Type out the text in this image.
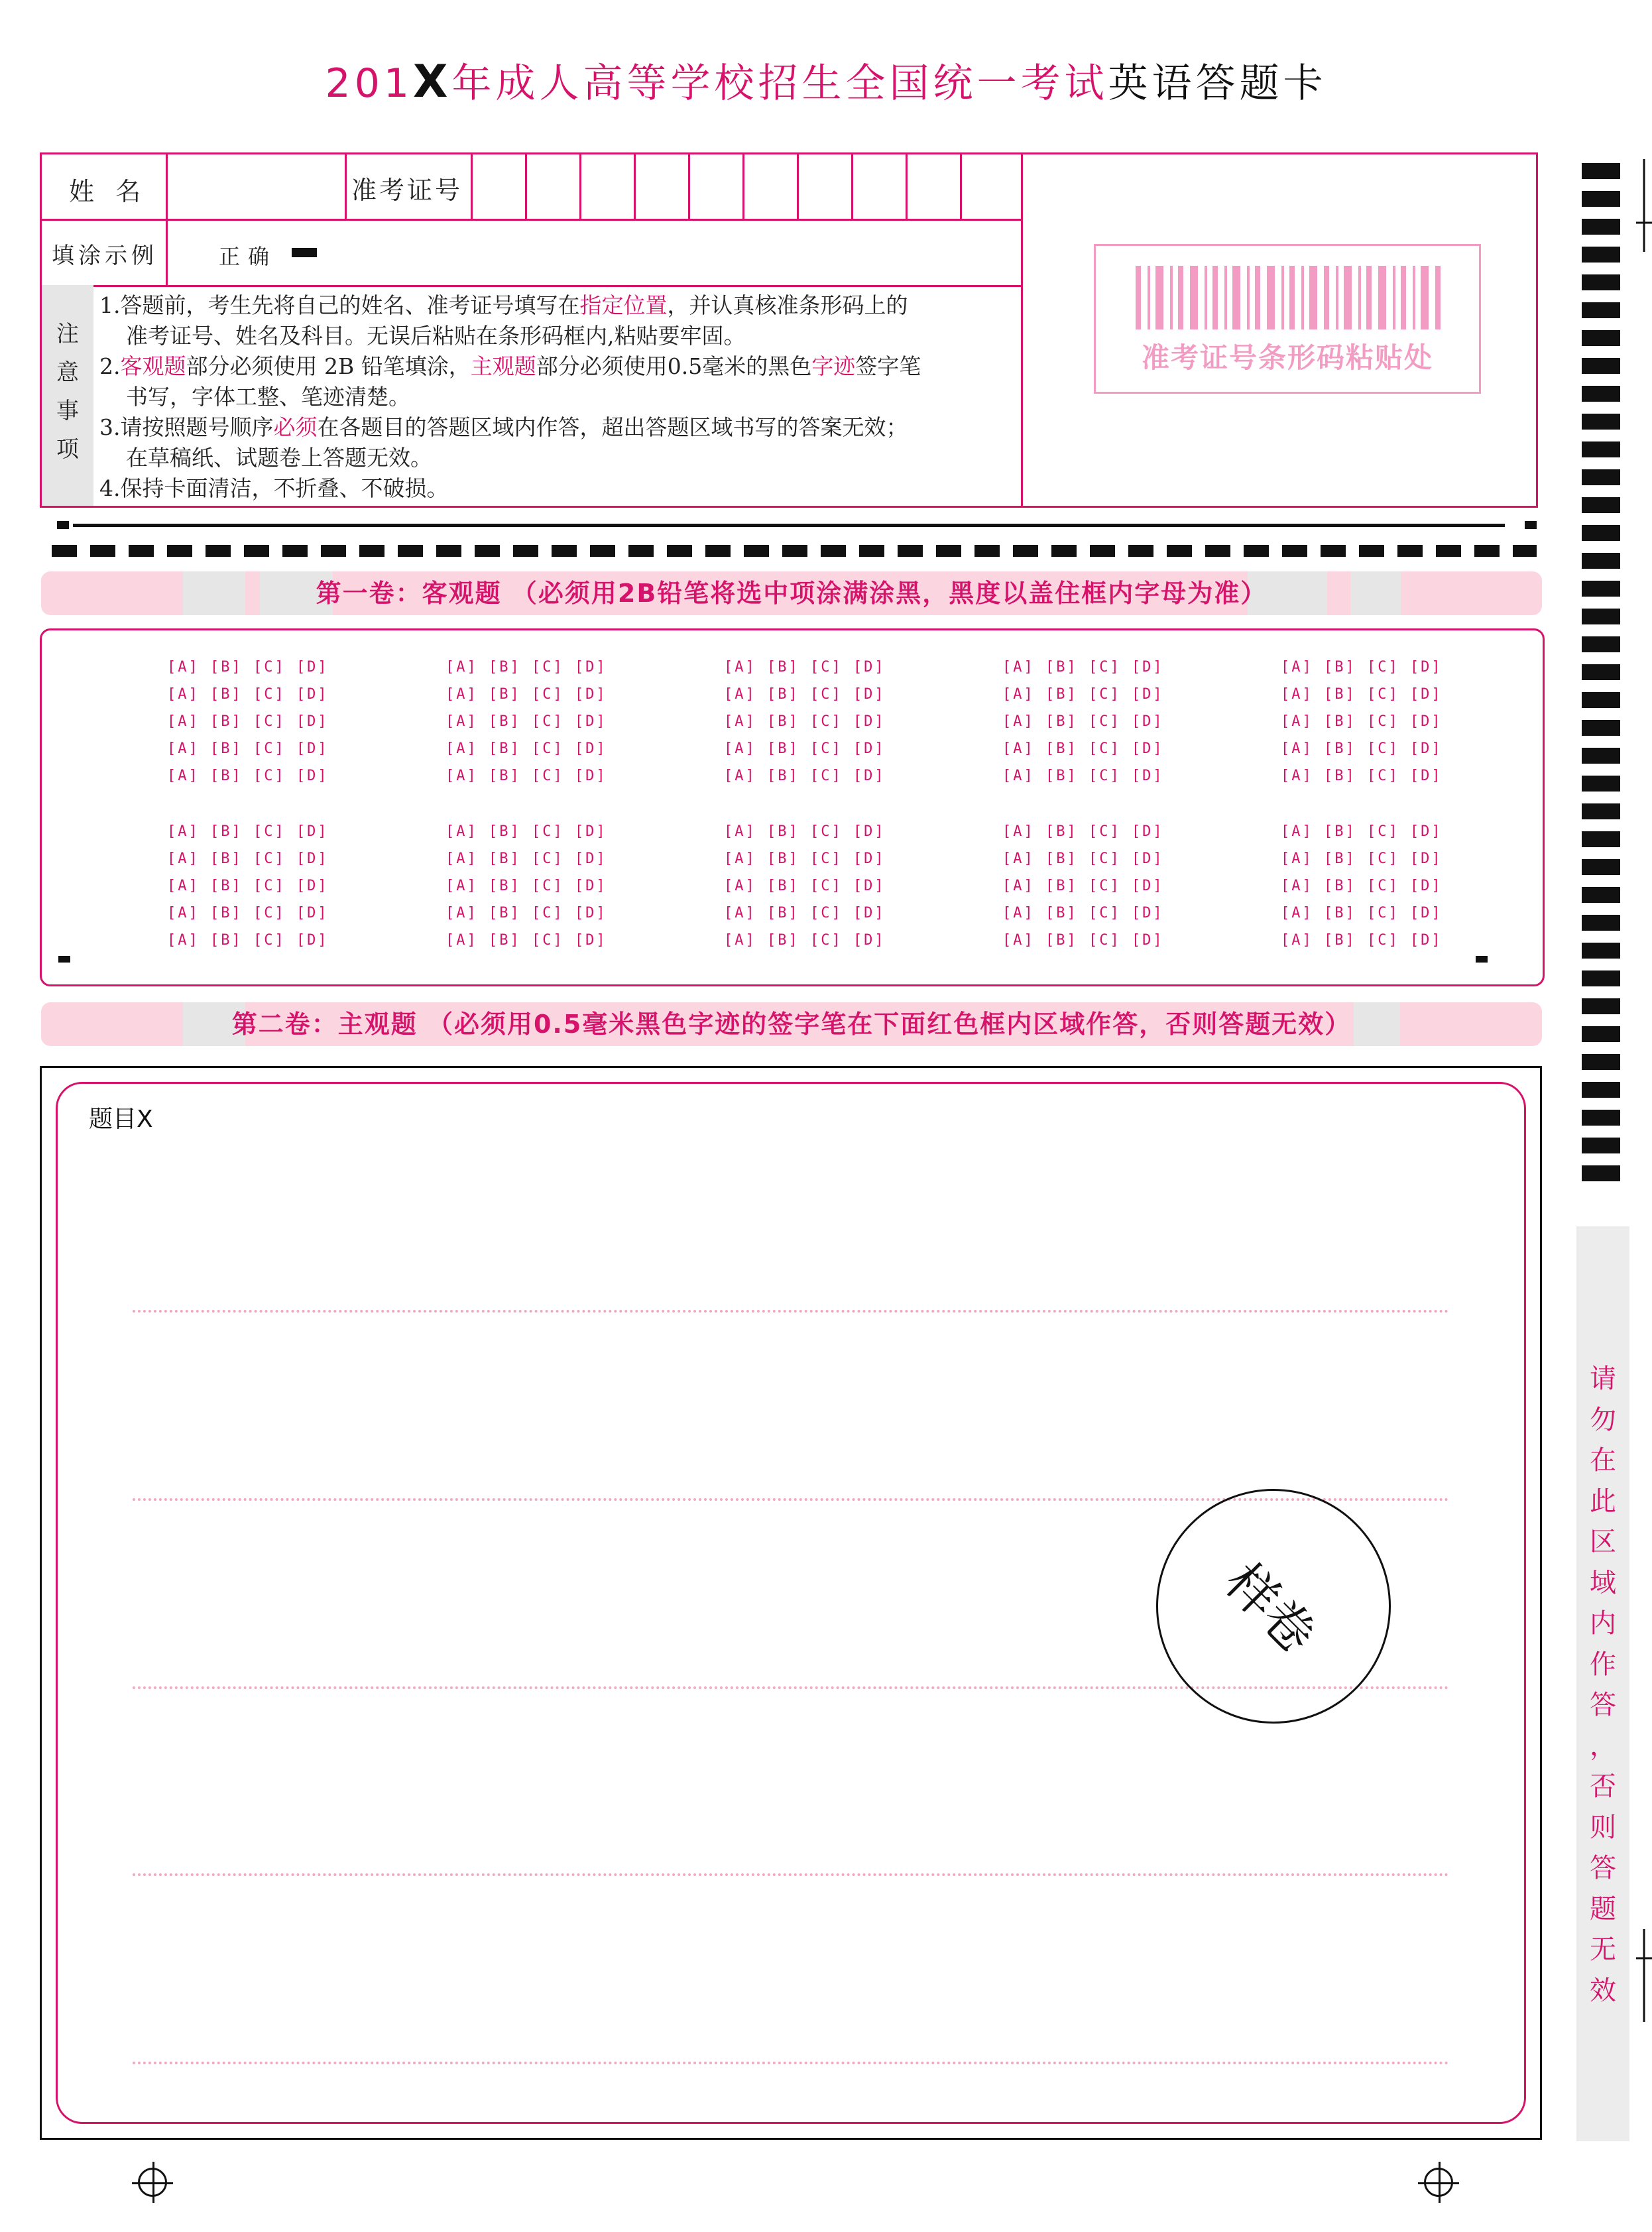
201X年成人高等学校招生全国统一考试英语答题卡
姓 名	准考证号
填涂示例	正确
注
意
事
项
1.答题前，考生先将自己的姓名、准考证号填写在指定位置，并认真核准条形码上的
准考证号、姓名及科目。无误后粘贴在条形码框内,粘贴要牢固。
2.客观题部分必须使用 2B 铅笔填涂，主观题部分必须使用0.5毫米的黑色字迹签字笔
书写，字体工整、笔迹清楚。
3.请按照题号顺序必须在各题目的答题区域内作答，超出答题区域书写的答案无效；
在草稿纸、试题卷上答题无效。
4.保持卡面清洁，不折叠、不破损。
准考证号条形码粘贴处
第一卷：客观题 （必须用2B铅笔将选中项涂满涂黑，黑度以盖住框内字母为准）
[A] [B] [C] [D]
[A] [B] [C] [D]
[A] [B] [C] [D]
[A] [B] [C] [D]
[A] [B] [C] [D]
[A] [B] [C] [D]
[A] [B] [C] [D]
[A] [B] [C] [D]
[A] [B] [C] [D]
[A] [B] [C] [D]
[A] [B] [C] [D]
[A] [B] [C] [D]
[A] [B] [C] [D]
[A] [B] [C] [D]
[A] [B] [C] [D]
[A] [B] [C] [D]
[A] [B] [C] [D]
[A] [B] [C] [D]
[A] [B] [C] [D]
[A] [B] [C] [D]
[A] [B] [C] [D]
[A] [B] [C] [D]
[A] [B] [C] [D]
[A] [B] [C] [D]
[A] [B] [C] [D]
[A] [B] [C] [D]
[A] [B] [C] [D]
[A] [B] [C] [D]
[A] [B] [C] [D]
[A] [B] [C] [D]
[A] [B] [C] [D]
[A] [B] [C] [D]
[A] [B] [C] [D]
[A] [B] [C] [D]
[A] [B] [C] [D]
[A] [B] [C] [D]
[A] [B] [C] [D]
[A] [B] [C] [D]
[A] [B] [C] [D]
[A] [B] [C] [D]
[A] [B] [C] [D]
[A] [B] [C] [D]
[A] [B] [C] [D]
[A] [B] [C] [D]
[A] [B] [C] [D]
[A] [B] [C] [D]
[A] [B] [C] [D]
[A] [B] [C] [D]
[A] [B] [C] [D]
[A] [B] [C] [D]
第二卷：主观题 （必须用0.5毫米黑色字迹的签字笔在下面红色框内区域作答，否则答题无效）
题目X
样卷
请
勿
在
此
区
域
内
作
答
，
否
则
答
题
无
效
